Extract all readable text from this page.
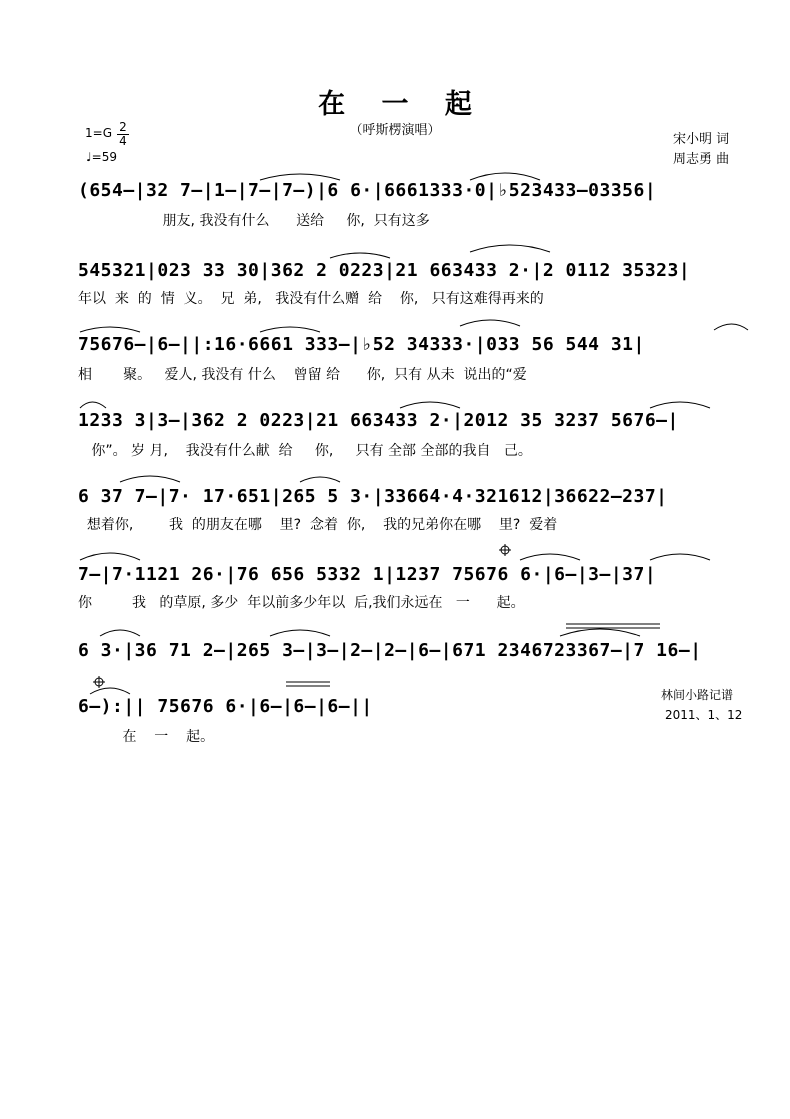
在 一 起
（呼斯楞演唱）
1=G 2
4
♩=59
宋小明 词
周志勇 曲
(654—|32 7—|1—|7—|7—)|6 6·|6661333·0|♭523433—03356|
朋友, 我没有什么      送给     你,  只有这多
545321|023 33 30|362 2 0223|21 663433 2·|2 0112 35323|
年以  来  的  情  义。  兄  弟,   我没有什么赠  给    你,   只有这难得再来的
75676—|6—||:16·6661 333—|♭52 34333·|033 56 544 31|
相       聚。   爱人, 我没有 什么    曾留 给      你,  只有 从未  说出的“爱
1233 3|3—|362 2 0223|21 663433 2·|2012 35 3237 5676—|
你”。 岁 月,    我没有什么献  给     你,     只有 全部 全部的我自   己。
6 37 7—|7· 17·651|265 5 3·|33664·4·321612|36622—237|
想着你,        我  的朋友在哪    里?  念着  你,    我的兄弟你在哪    里?  爱着
7—|7·1121 26·|76 656 5332 1|1237 75676 6·|6—|3—|37|
你         我   的草原, 多少  年以前多少年以  后,我们永远在   一      起。
6 3·|36 71 2—|265 3—|3—|2—|2—|6—|671 2346723367—|7 16—|
6—):|| 75676 6·|6—|6—|6—||
在    一    起。
林间小路记谱
2011、1、12
